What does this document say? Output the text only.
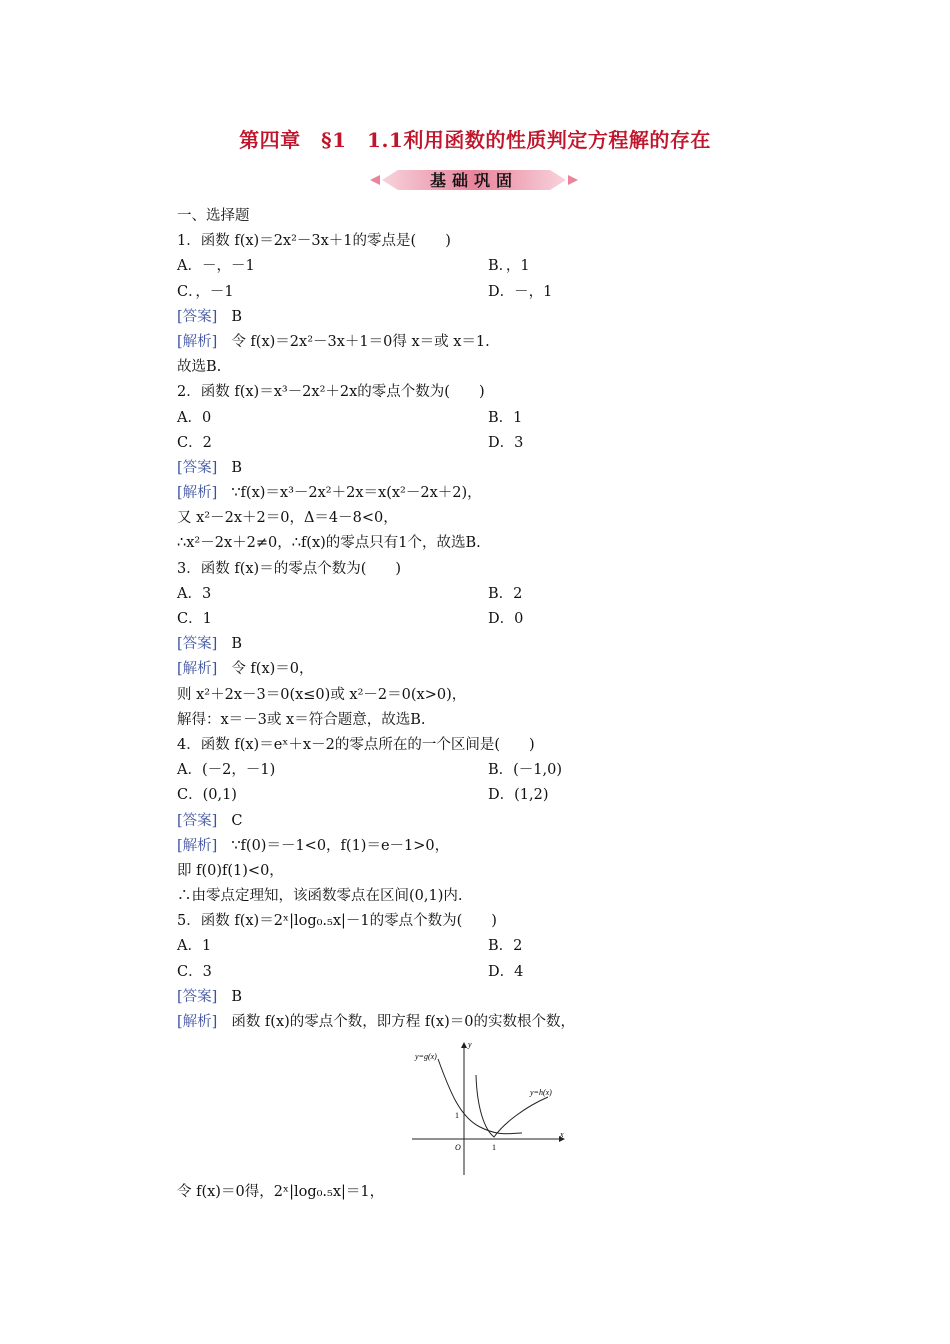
第四章　§1　1.1利用函数的性质判定方程解的存在
基础巩固
一、选择题
1．函数 f(x)＝2x²－3x＋1的零点是(　　)
A．－，－1	B．，1
C．，－1	D．－，1
[答案] B
[解析] 令 f(x)＝2x²－3x＋1＝0得 x＝或 x＝1.
故选B.
2．函数 f(x)＝x³－2x²＋2x的零点个数为(　　)
A．0	B．1
C．2	D．3
[答案] B
[解析] ∵f(x)＝x³－2x²＋2x＝x(x²－2x＋2)，
又 x²－2x＋2＝0，Δ＝4－8<0，
∴x²－2x＋2≠0，∴f(x)的零点只有1个，故选B.
3．函数 f(x)＝的零点个数为(　　)
A．3	B．2
C．1	D．0
[答案] B
[解析] 令 f(x)＝0，
则 x²＋2x－3＝0(x≤0)或 x²－2＝0(x>0)，
解得：x＝－3或 x＝符合题意，故选B.
4．函数 f(x)＝eˣ＋x－2的零点所在的一个区间是(　　)
A．(－2，－1)	B．(－1,0)
C．(0,1)	D．(1,2)
[答案] C
[解析] ∵f(0)＝－1<0，f(1)＝e－1>0，
即 f(0)f(1)<0，
∴由零点定理知，该函数零点在区间(0,1)内.
5．函数 f(x)＝2ˣ|log₀.₅x|－1的零点个数为(　　)
A．1	B．2
C．3	D．4
[答案] B
[解析] 函数 f(x)的零点个数，即方程 f(x)＝0的实数根个数，
y=g(x)
y=h(x)
y
x
O
1
1
令 f(x)＝0得，2ˣ|log₀.₅x|＝1，
